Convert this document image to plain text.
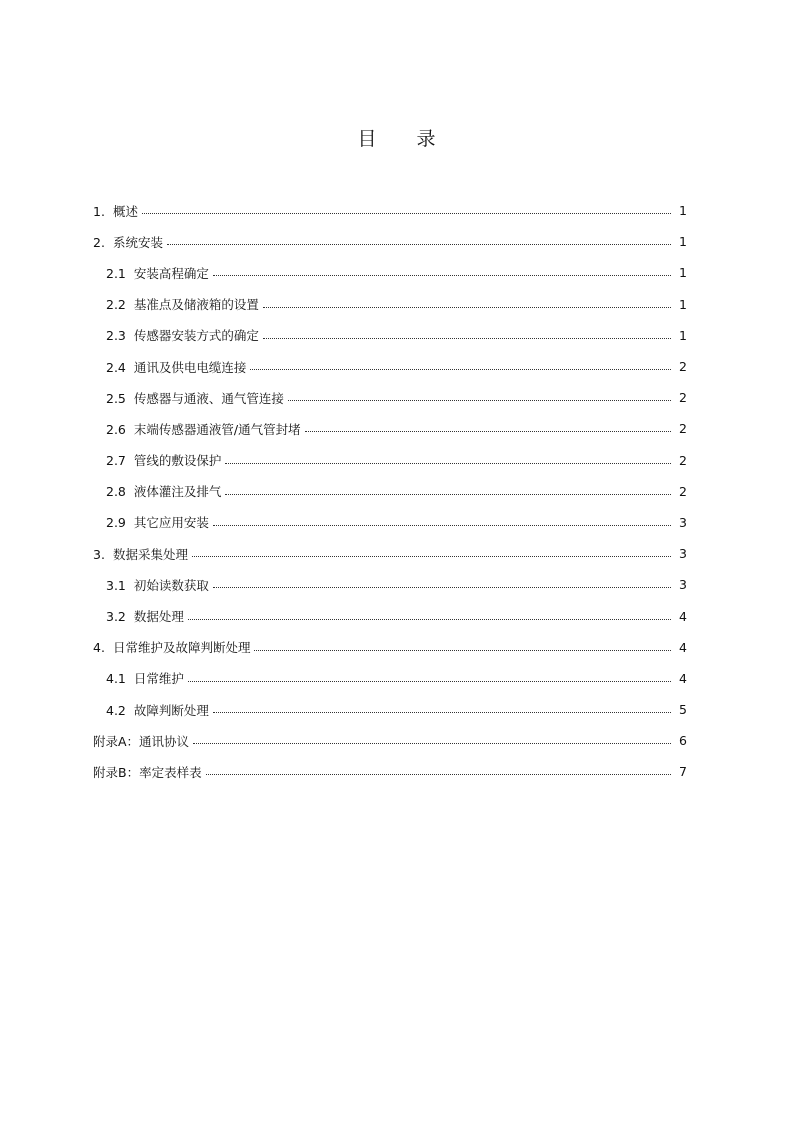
目 录
1. 概述	1
2. 系统安装	1
2.1 安装高程确定	1
2.2 基准点及储液箱的设置	1
2.3 传感器安装方式的确定	1
2.4 通讯及供电电缆连接	2
2.5 传感器与通液、通气管连接	2
2.6 末端传感器通液管/通气管封堵	2
2.7 管线的敷设保护	2
2.8 液体灌注及排气	2
2.9 其它应用安装	3
3. 数据采集处理	3
3.1 初始读数获取	3
3.2 数据处理	4
4. 日常维护及故障判断处理	4
4.1 日常维护	4
4.2 故障判断处理	5
附录A：通讯协议	6
附录B：率定表样表	7
